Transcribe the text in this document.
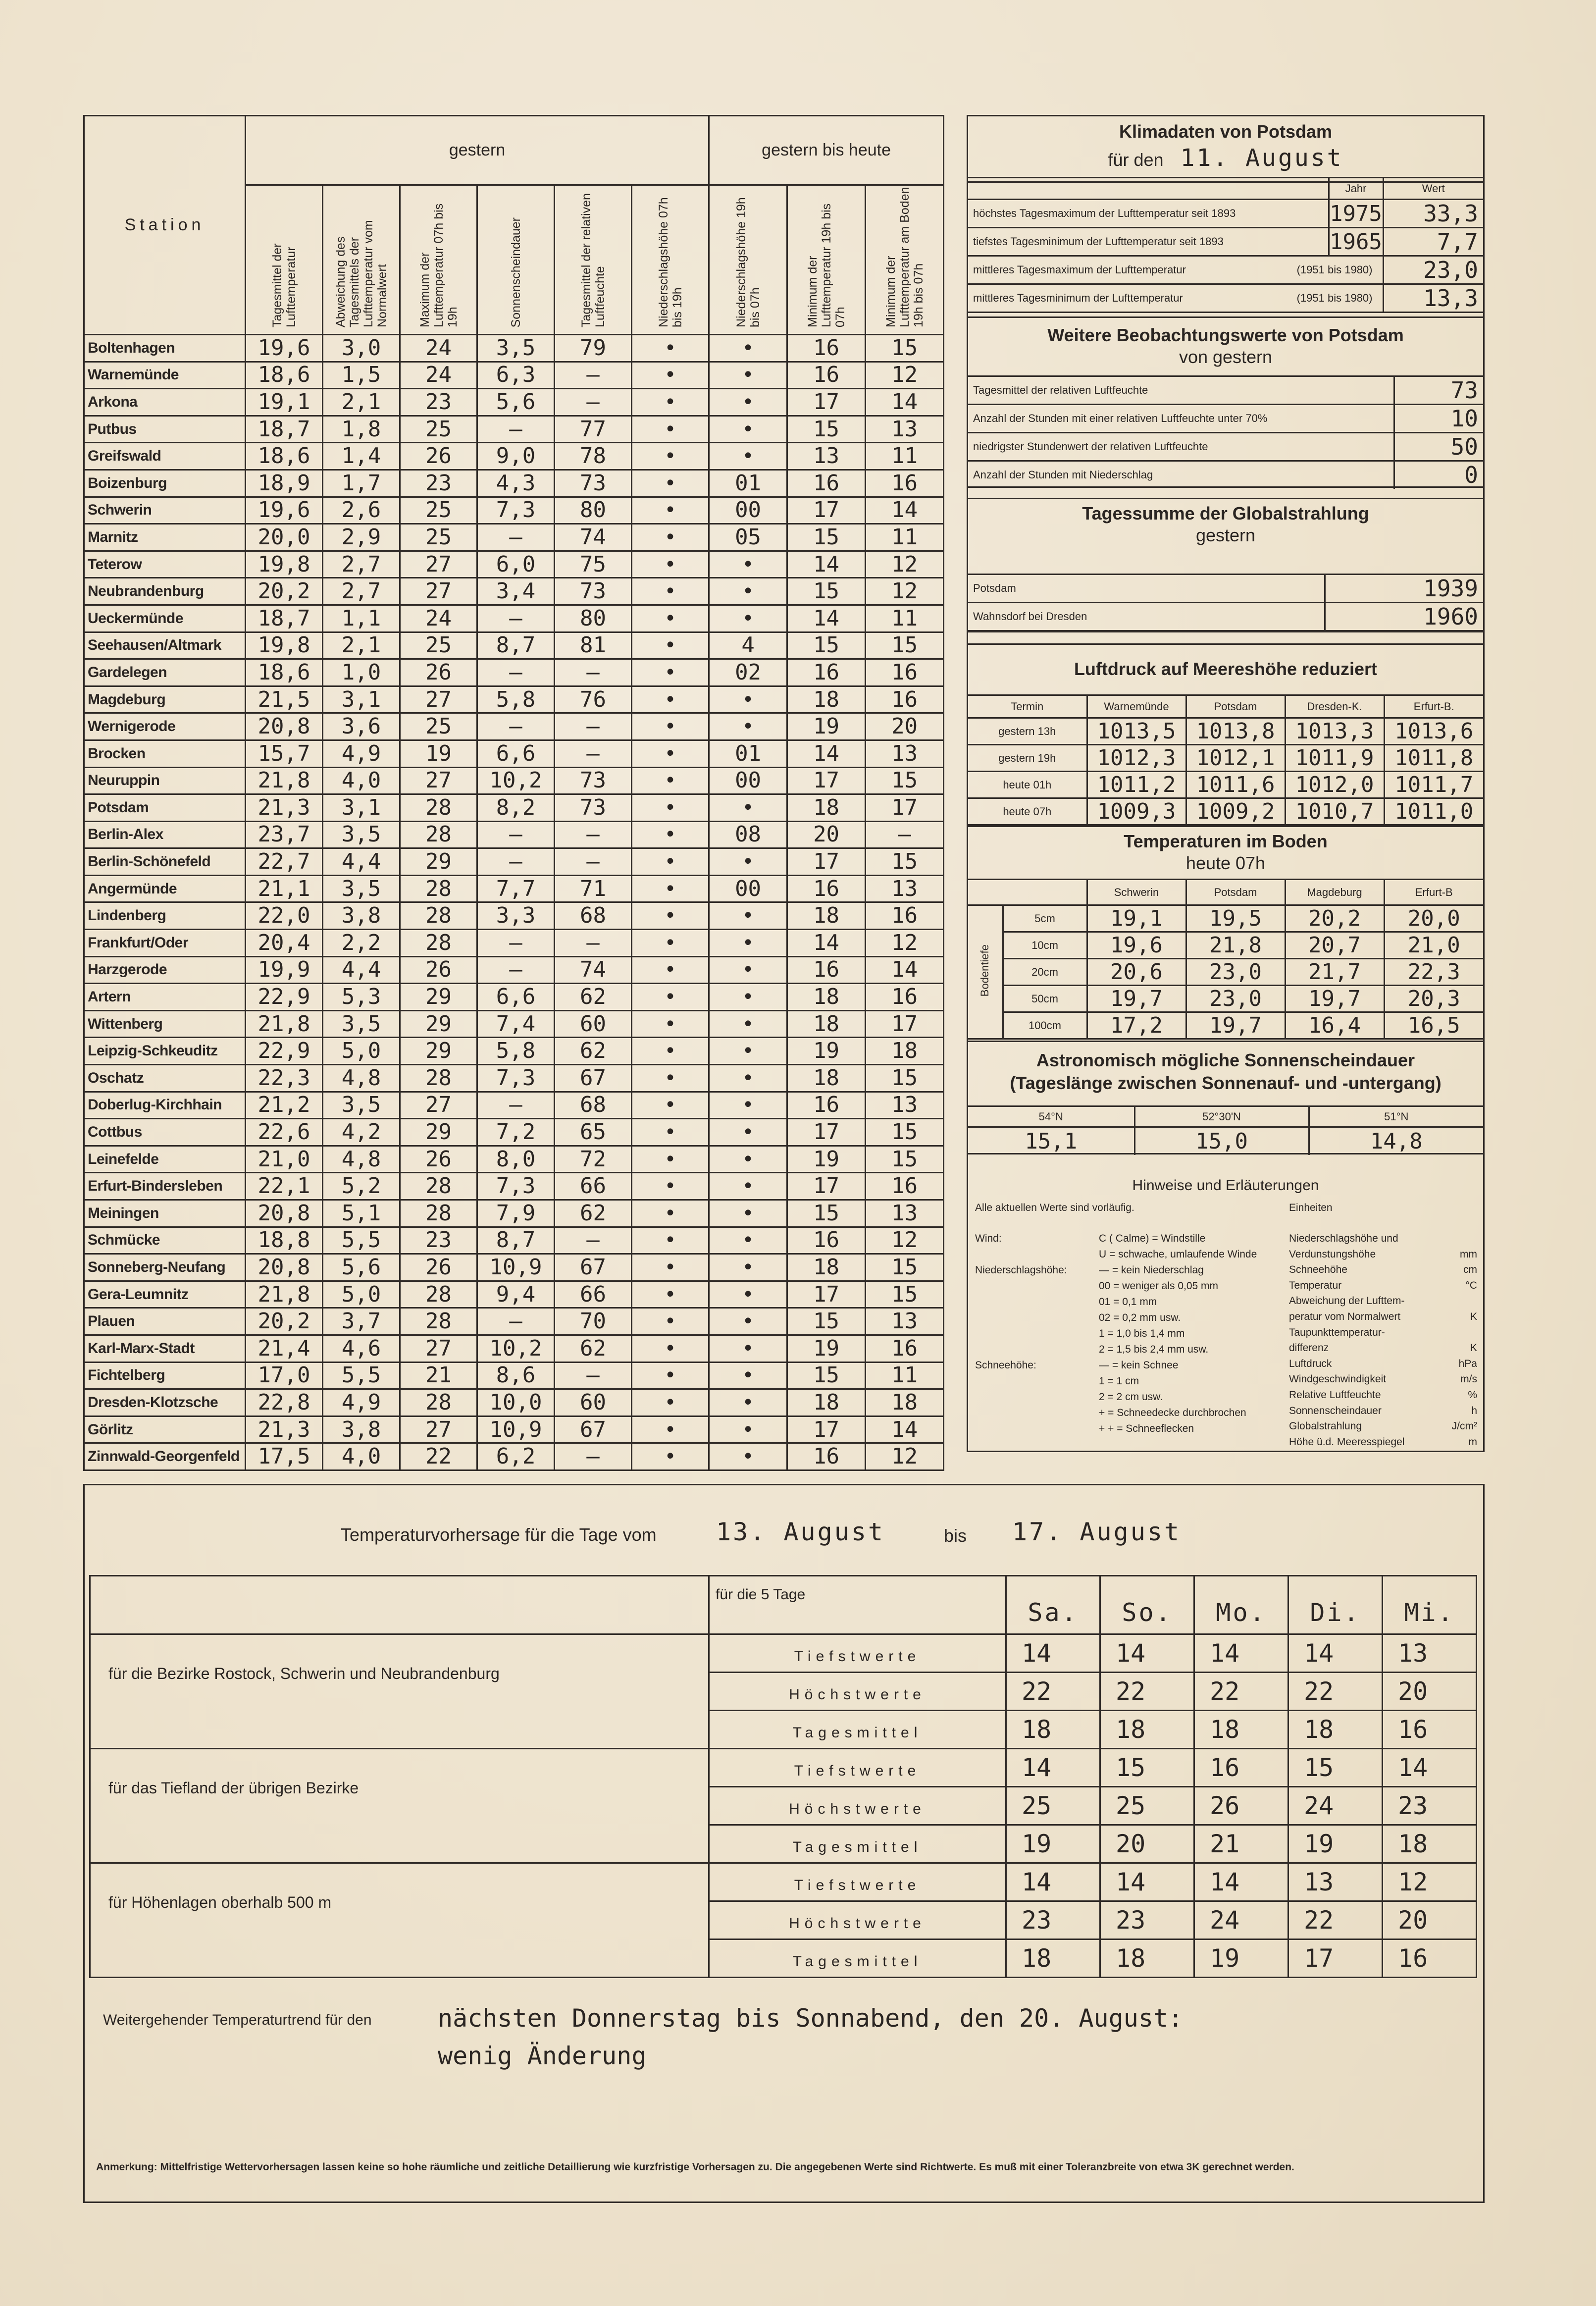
Station	gestern						gestern bis heute		
	Tagesmittel der Lufttemperatur	Abweichung des Tagesmittels der Lufttemperatur vom Normalwert	Maximum der Lufttemperatur 07h bis 19h	Sonnenscheindauer	Tagesmittel der relativen Luftfeuchte	Niederschlagshöhe 07h bis 19h	Niederschlagshöhe 19h bis 07h	Minimum der Lufttemperatur 19h bis 07h	Minimum der Lufttemperatur am Boden 19h bis 07h
Boltenhagen	19,6	3,0	24	3,5	79	•	•	16	15
Warnemünde	18,6	1,5	24	6,3	—	•	•	16	12
Arkona	19,1	2,1	23	5,6	—	•	•	17	14
Putbus	18,7	1,8	25	—	77	•	•	15	13
Greifswald	18,6	1,4	26	9,0	78	•	•	13	11
Boizenburg	18,9	1,7	23	4,3	73	•	01	16	16
Schwerin	19,6	2,6	25	7,3	80	•	00	17	14
Marnitz	20,0	2,9	25	—	74	•	05	15	11
Teterow	19,8	2,7	27	6,0	75	•	•	14	12
Neubrandenburg	20,2	2,7	27	3,4	73	•	•	15	12
Ueckermünde	18,7	1,1	24	—	80	•	•	14	11
Seehausen/Altmark	19,8	2,1	25	8,7	81	•	4	15	15
Gardelegen	18,6	1,0	26	—	—	•	02	16	16
Magdeburg	21,5	3,1	27	5,8	76	•	•	18	16
Wernigerode	20,8	3,6	25	—	—	•	•	19	20
Brocken	15,7	4,9	19	6,6	—	•	01	14	13
Neuruppin	21,8	4,0	27	10,2	73	•	00	17	15
Potsdam	21,3	3,1	28	8,2	73	•	•	18	17
Berlin-Alex	23,7	3,5	28	—	—	•	08	20	—
Berlin-Schönefeld	22,7	4,4	29	—	—	•	•	17	15
Angermünde	21,1	3,5	28	7,7	71	•	00	16	13
Lindenberg	22,0	3,8	28	3,3	68	•	•	18	16
Frankfurt/Oder	20,4	2,2	28	—	—	•	•	14	12
Harzgerode	19,9	4,4	26	—	74	•	•	16	14
Artern	22,9	5,3	29	6,6	62	•	•	18	16
Wittenberg	21,8	3,5	29	7,4	60	•	•	18	17
Leipzig-Schkeuditz	22,9	5,0	29	5,8	62	•	•	19	18
Oschatz	22,3	4,8	28	7,3	67	•	•	18	15
Doberlug-Kirchhain	21,2	3,5	27	—	68	•	•	16	13
Cottbus	22,6	4,2	29	7,2	65	•	•	17	15
Leinefelde	21,0	4,8	26	8,0	72	•	•	19	15
Erfurt-Bindersleben	22,1	5,2	28	7,3	66	•	•	17	16
Meiningen	20,8	5,1	28	7,9	62	•	•	15	13
Schmücke	18,8	5,5	23	8,7	—	•	•	16	12
Sonneberg-Neufang	20,8	5,6	26	10,9	67	•	•	18	15
Gera-Leumnitz	21,8	5,0	28	9,4	66	•	•	17	15
Plauen	20,2	3,7	28	—	70	•	•	15	13
Karl-Marx-Stadt	21,4	4,6	27	10,2	62	•	•	19	16
Fichtelberg	17,0	5,5	21	8,6	—	•	•	15	11
Dresden-Klotzsche	22,8	4,9	28	10,0	60	•	•	18	18
Görlitz	21,3	3,8	27	10,9	67	•	•	17	14
Zinnwald-Georgenfeld	17,5	4,0	22	6,2	—	•	•	16	12
Klimadaten von Potsdam
für den 11. August
	Jahr	Wert
höchstes Tagesmaximum der Lufttemperatur seit 1893	1975	33,3
tiefstes Tagesminimum der Lufttemperatur seit 1893	1965	7,7
mittleres Tagesmaximum der Lufttemperatur (1951 bis 1980)		23,0
mittleres Tagesminimum der Lufttemperatur (1951 bis 1980)		13,3
Weitere Beobachtungswerte von Potsdam
von gestern
Tagesmittel der relativen Luftfeuchte	73
Anzahl der Stunden mit einer relativen Luftfeuchte unter 70%	10
niedrigster Stundenwert der relativen Luftfeuchte	50
Anzahl der Stunden mit Niederschlag	0
Tagessumme der Globalstrahlung
gestern
Potsdam	1939
Wahnsdorf bei Dresden	1960
Luftdruck auf Meereshöhe reduziert
Termin	Warnemünde	Potsdam	Dresden-K.	Erfurt-B.
gestern 13h	1013,5	1013,8	1013,3	1013,6
gestern 19h	1012,3	1012,1	1011,9	1011,8
heute 01h	1011,2	1011,6	1012,0	1011,7
heute 07h	1009,3	1009,2	1010,7	1011,0
Temperaturen im Boden
heute 07h
		Schwerin	Potsdam	Magdeburg	Erfurt-B
Bodentiefe	5cm	19,1	19,5	20,2	20,0
	10cm	19,6	21,8	20,7	21,0
	20cm	20,6	23,0	21,7	22,3
	50cm	19,7	23,0	19,7	20,3
	100cm	17,2	19,7	16,4	16,5
Astronomisch mögliche Sonnenscheindauer
(Tageslänge zwischen Sonnenauf- und -untergang)
54°N	52°30'N	51°N
15,1	15,0	14,8
Hinweise und Erläuterungen
Alle aktuellen Werte sind vorläufig.	Einheiten
Wind:	C ( Calme) = Windstille
U = schwache, umlaufende Winde
Niederschlagshöhe:	— = kein Niederschlag
00 = weniger als 0,05 mm
01 = 0,1 mm
02 = 0,2 mm usw.
1 = 1,0 bis 1,4 mm
2 = 1,5 bis 2,4 mm usw.
Schneehöhe:	— = kein Schnee
1 = 1 cm
2 = 2 cm usw.
+ = Schneedecke durchbrochen
+ + = Schneeflecken
Niederschlagshöhe und
Verdunstungshöhe	mm
Schneehöhe	cm
Temperatur	°C
Abweichung der Lufttem-
peratur vom Normalwert	K
Taupunkttemperatur-
differenz	K
Luftdruck	hPa
Windgeschwindigkeit	m/s
Relative Luftfeuchte	%
Sonnenscheindauer	h
Globalstrahlung	J/cm²
Höhe ü.d. Meeresspiegel	m
Temperaturvorhersage für die Tage vom 13. August	bis 17. August
	für die 5 Tage	Sa.	So.	Mo.	Di.	Mi.
für die Bezirke Rostock, Schwerin und Neubrandenburg	Tiefstwerte	14	14	14	14	13
	Höchstwerte	22	22	22	22	20
	Tagesmittel	18	18	18	18	16
für das Tiefland der übrigen Bezirke	Tiefstwerte	14	15	16	15	14
	Höchstwerte	25	25	26	24	23
	Tagesmittel	19	20	21	19	18
für Höhenlagen oberhalb 500 m	Tiefstwerte	14	14	14	13	12
	Höchstwerte	23	23	24	22	20
	Tagesmittel	18	18	19	17	16
Weitergehender Temperaturtrend für den	nächsten Donnerstag bis Sonnabend, den 20. August:
wenig Änderung
Anmerkung: Mittelfristige Wettervorhersagen lassen keine so hohe räumliche und zeitliche Detaillierung wie kurzfristige Vorhersagen zu. Die angegebenen Werte sind Richtwerte. Es muß mit einer Toleranzbreite von etwa 3K gerechnet werden.
